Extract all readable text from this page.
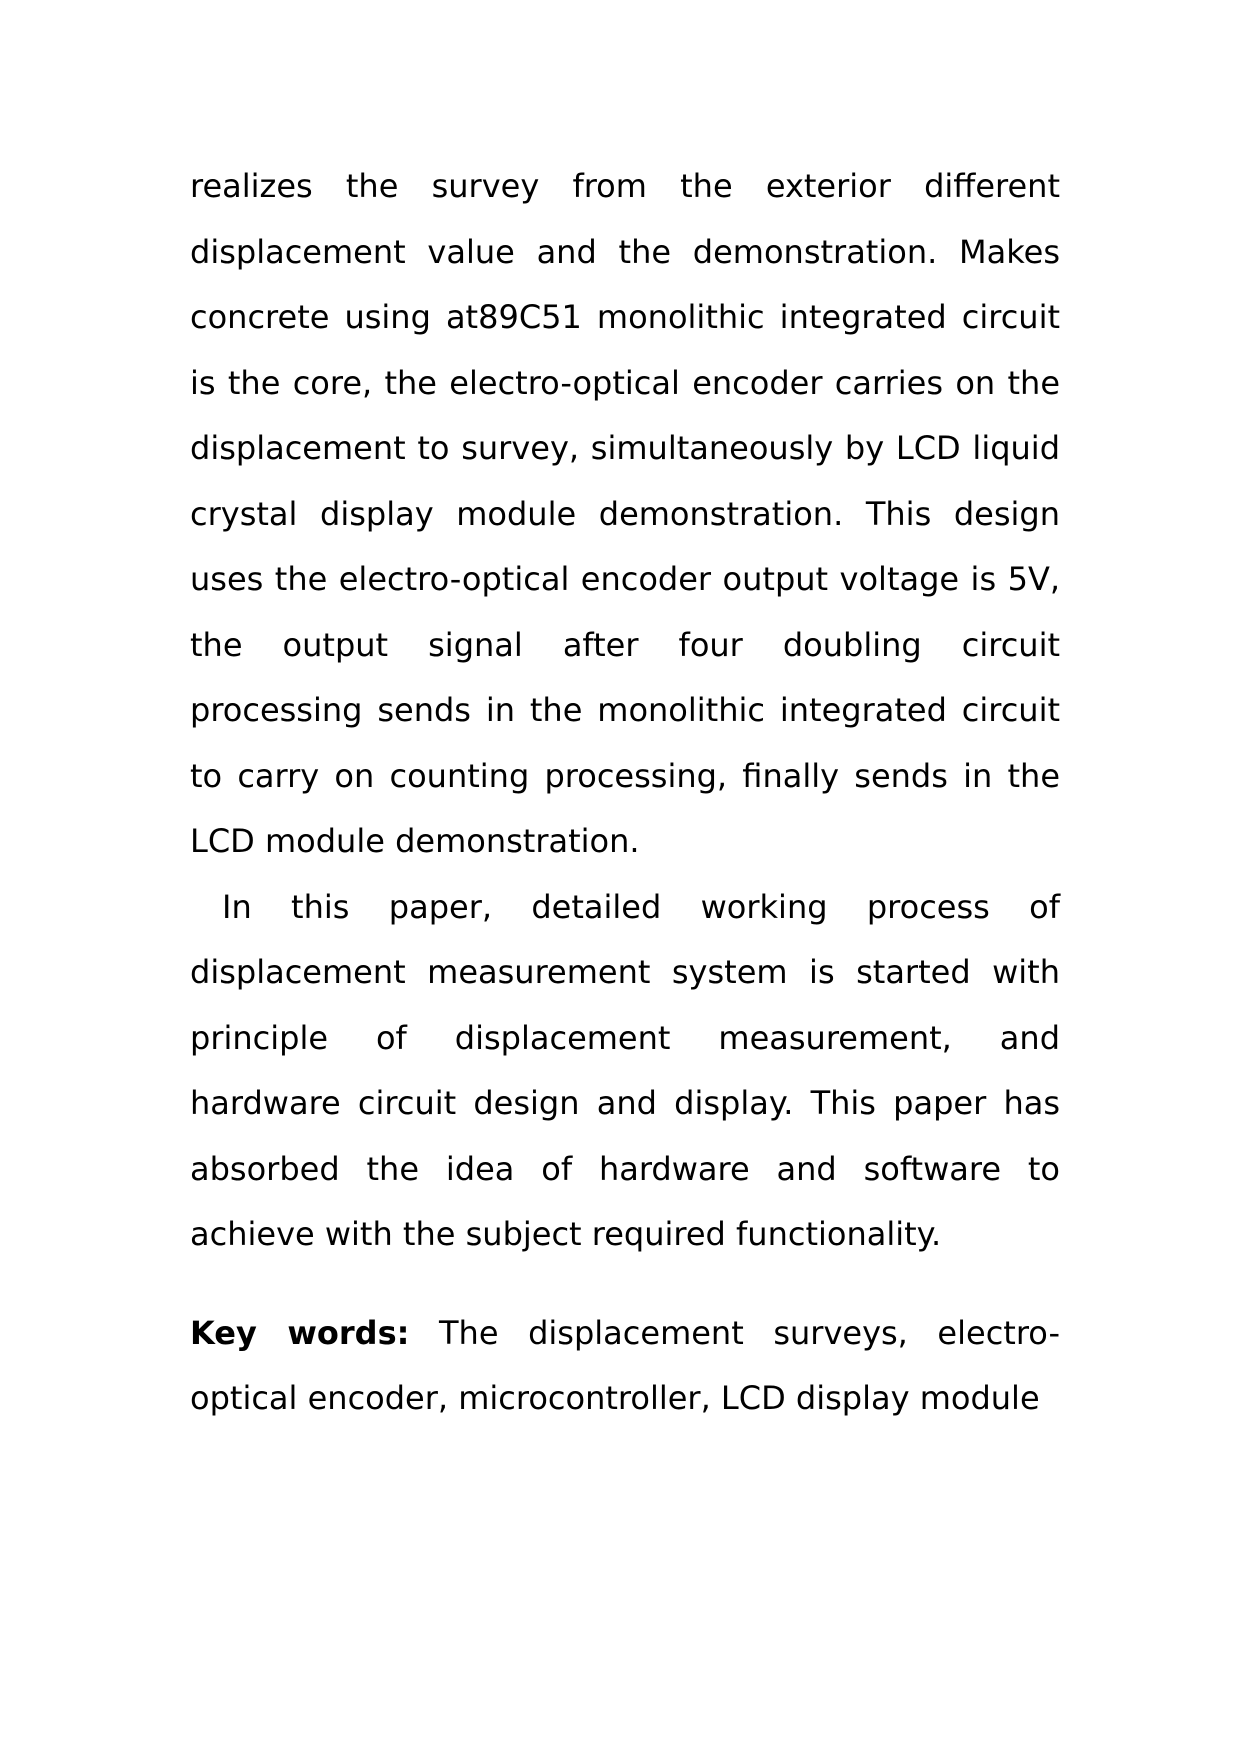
realizes the survey from the exterior different displacement value and the demonstration. Makes concrete using at89C51 monolithic integrated circuit is the core, the electro-optical encoder carries on the displacement to survey, simultaneously by LCD liquid crystal display module demonstration. This design uses the electro-optical encoder output voltage is 5V, the output signal after four doubling circuit processing sends in the monolithic integrated circuit to carry on counting processing, finally sends in the LCD module demonstration.

In this paper, detailed working process of displacement measurement system is started with principle of displacement measurement, and hardware circuit design and display. This paper has absorbed the idea of hardware and software to achieve with the subject required functionality.

Key words: The displacement surveys, electro-optical encoder, microcontroller, LCD display module
